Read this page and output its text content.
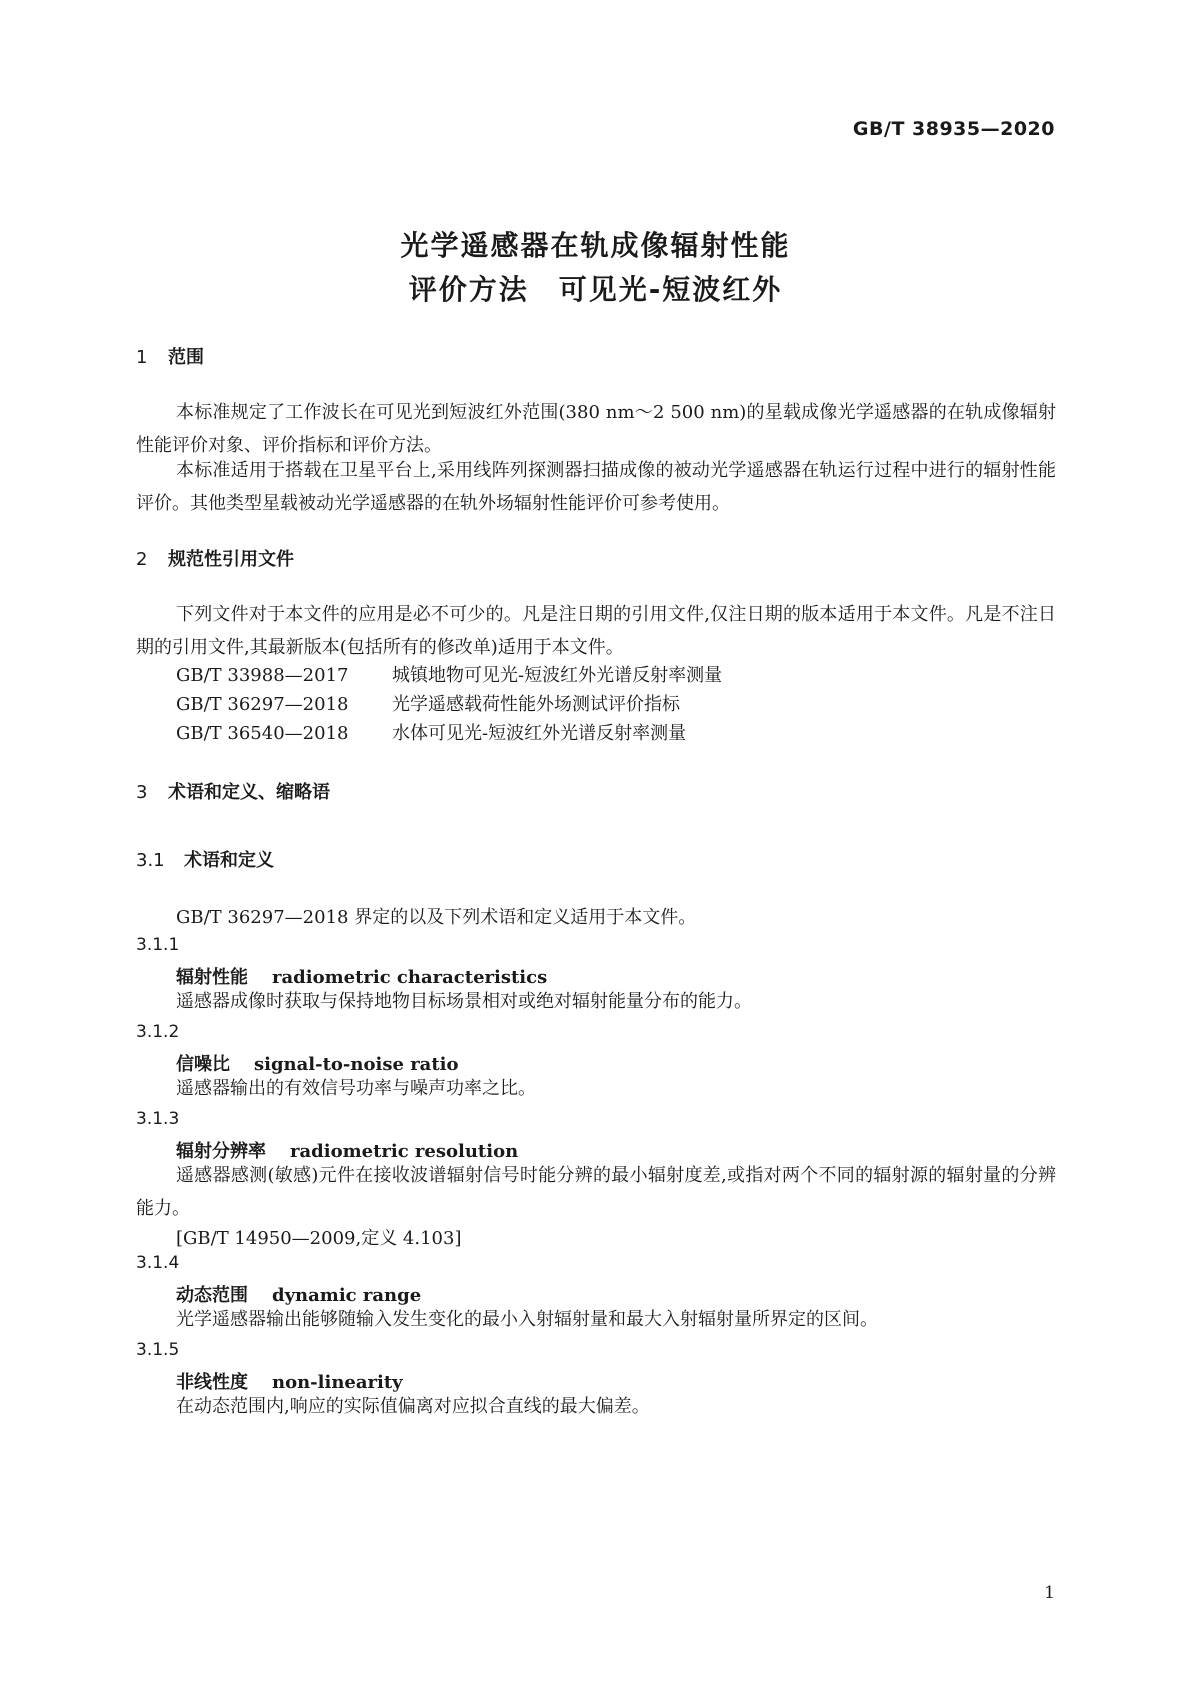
GB/T 38935—2020
光学遥感器在轨成像辐射性能
评价方法　可见光-短波红外
1 范围
本标准规定了工作波长在可见光到短波红外范围(380 nm～2 500 nm)的星载成像光学遥感器的在轨成像辐射性能评价对象、评价指标和评价方法。
本标准适用于搭载在卫星平台上,采用线阵列探测器扫描成像的被动光学遥感器在轨运行过程中进行的辐射性能评价。其他类型星载被动光学遥感器的在轨外场辐射性能评价可参考使用。
2 规范性引用文件
下列文件对于本文件的应用是必不可少的。凡是注日期的引用文件,仅注日期的版本适用于本文件。凡是不注日期的引用文件,其最新版本(包括所有的修改单)适用于本文件。
GB/T 33988—2017 城镇地物可见光-短波红外光谱反射率测量
GB/T 36297—2018 光学遥感载荷性能外场测试评价指标
GB/T 36540—2018 水体可见光-短波红外光谱反射率测量
3 术语和定义、缩略语
3.1 术语和定义
GB/T 36297—2018 界定的以及下列术语和定义适用于本文件。
3.1.1
辐射性能 radiometric characteristics
遥感器成像时获取与保持地物目标场景相对或绝对辐射能量分布的能力。
3.1.2
信噪比 signal-to-noise ratio
遥感器输出的有效信号功率与噪声功率之比。
3.1.3
辐射分辨率 radiometric resolution
遥感器感测(敏感)元件在接收波谱辐射信号时能分辨的最小辐射度差,或指对两个不同的辐射源的辐射量的分辨能力。
[GB/T 14950—2009,定义 4.103]
3.1.4
动态范围 dynamic range
光学遥感器输出能够随输入发生变化的最小入射辐射量和最大入射辐射量所界定的区间。
3.1.5
非线性度 non-linearity
在动态范围内,响应的实际值偏离对应拟合直线的最大偏差。
1
